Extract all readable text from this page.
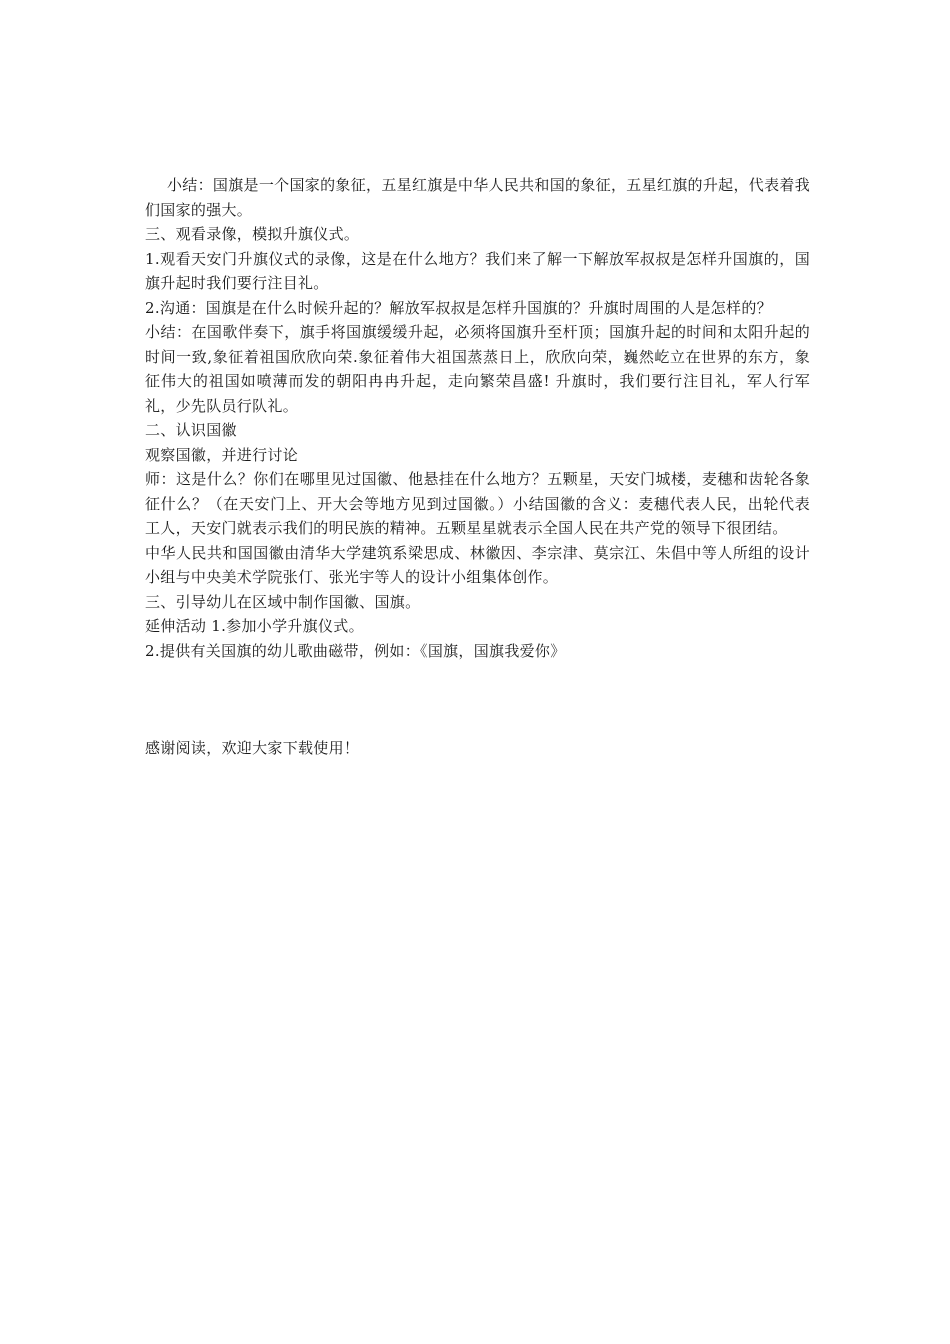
小结：国旗是一个国家的象征，五星红旗是中华人民共和国的象征，五星红旗的升起，代表着我们国家的强大。

三、观看录像，模拟升旗仪式。

1.观看天安门升旗仪式的录像，这是在什么地方？我们来了解一下解放军叔叔是怎样升国旗的，国旗升起时我们要行注目礼。

2.沟通：国旗是在什么时候升起的？解放军叔叔是怎样升国旗的？升旗时周围的人是怎样的？

小结：在国歌伴奏下，旗手将国旗缓缓升起，必须将国旗升至杆顶；国旗升起的时间和太阳升起的时间一致,象征着祖国欣欣向荣.象征着伟大祖国蒸蒸日上，欣欣向荣，巍然屹立在世界的东方，象征伟大的祖国如喷薄而发的朝阳冉冉升起，走向繁荣昌盛! 升旗时，我们要行注目礼，军人行军礼，少先队员行队礼。

二、认识国徽

观察国徽，并进行讨论

师：这是什么？你们在哪里见过国徽、他悬挂在什么地方？五颗星，天安门城楼，麦穗和齿轮各象征什么？（在天安门上、开大会等地方见到过国徽。）小结国徽的含义：麦穗代表人民，出轮代表工人，天安门就表示我们的明民族的精神。五颗星星就表示全国人民在共产党的领导下很团结。

中华人民共和国国徽由清华大学建筑系梁思成、林徽因、李宗津、莫宗江、朱倡中等人所组的设计小组与中央美术学院张仃、张光宇等人的设计小组集体创作。

三、引导幼儿在区域中制作国徽、国旗。

延伸活动 1.参加小学升旗仪式。

2.提供有关国旗的幼儿歌曲磁带，例如：《国旗，国旗我爱你》

感谢阅读，欢迎大家下载使用！
